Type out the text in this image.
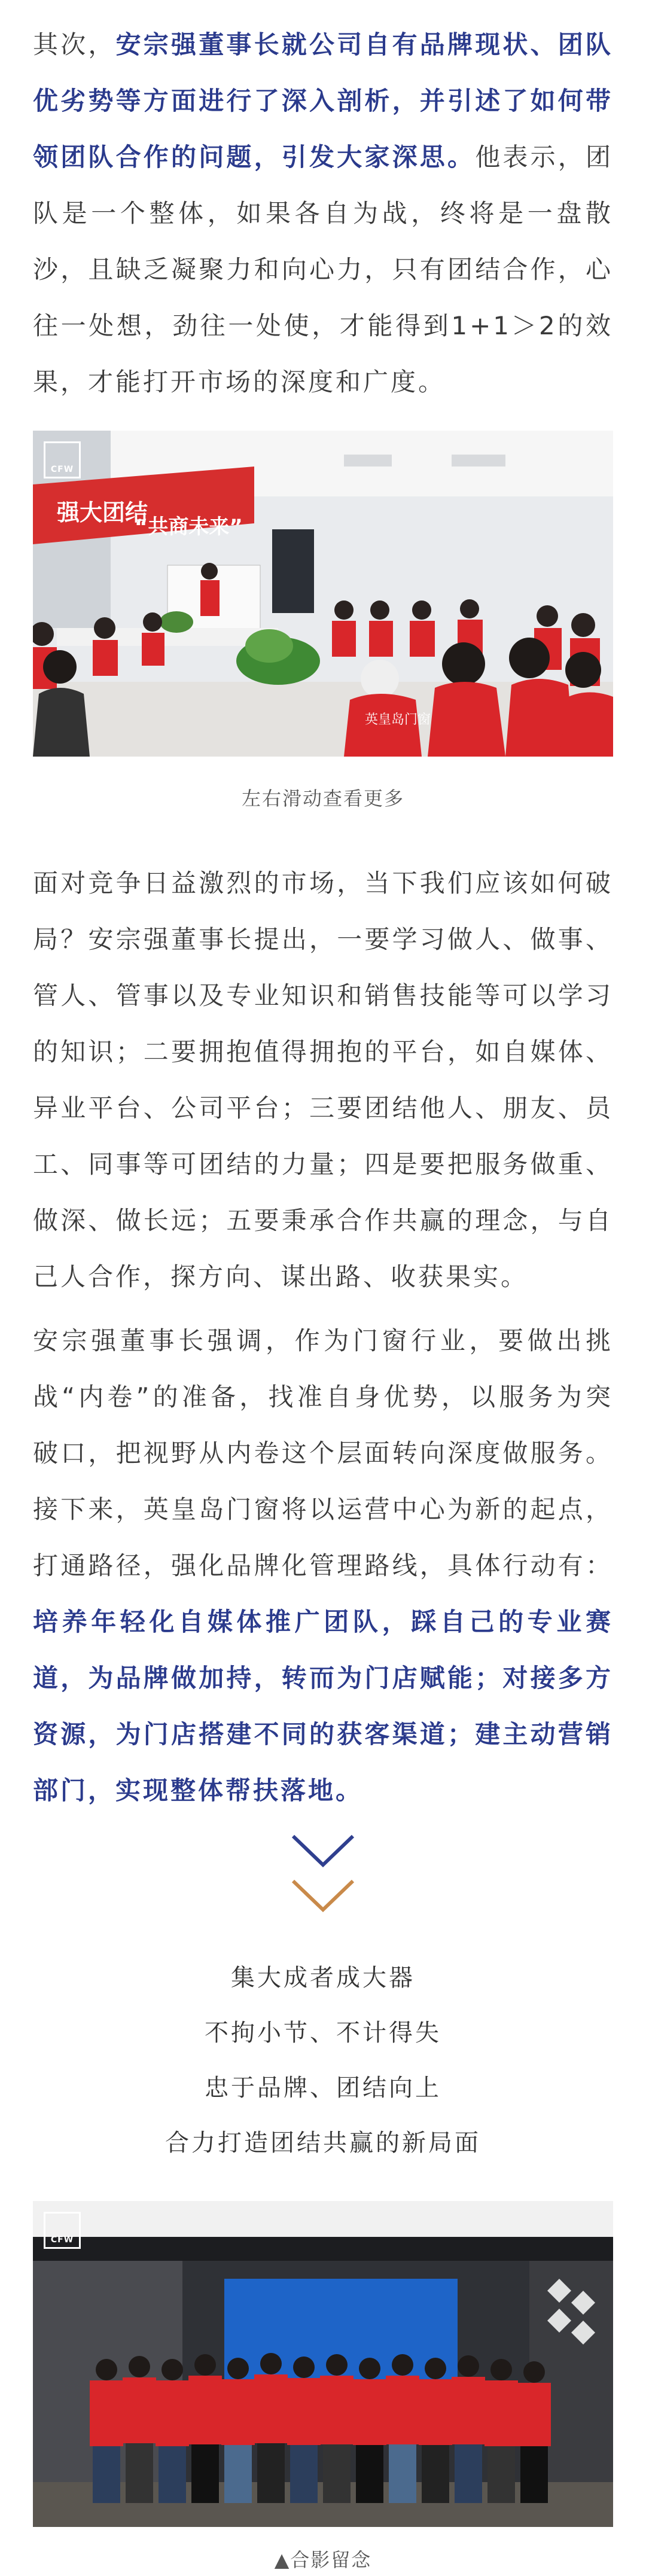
其次，安宗强董事长就公司自有品牌现状、团队优劣势等方面进行了深入剖析，并引述了如何带领团队合作的问题，引发大家深思。他表示，团队是一个整体，如果各自为战，终将是一盘散沙，且缺乏凝聚力和向心力，只有团结合作，心往一处想，劲往一处使，才能得到1+1＞2的效果，才能打开市场的深度和广度。

强大团结
“共商未来”
英皇岛门窗
CFW
左右滑动查看更多

面对竞争日益激烈的市场，当下我们应该如何破局？安宗强董事长提出，一要学习做人、做事、管人、管事以及专业知识和销售技能等可以学习的知识；二要拥抱值得拥抱的平台，如自媒体、异业平台、公司平台；三要团结他人、朋友、员工、同事等可团结的力量；四是要把服务做重、做深、做长远；五要秉承合作共赢的理念，与自己人合作，探方向、谋出路、收获果实。

安宗强董事长强调，作为门窗行业，要做出挑战“内卷”的准备，找准自身优势，以服务为突破口，把视野从内卷这个层面转向深度做服务。接下来，英皇岛门窗将以运营中心为新的起点，打通路径，强化品牌化管理路线，具体行动有：培养年轻化自媒体推广团队，踩自己的专业赛道，为品牌做加持，转而为门店赋能；对接多方资源，为门店搭建不同的获客渠道；建主动营销部门，实现整体帮扶落地。

集大成者成大器
不拘小节、不计得失
忠于品牌、团结向上
合力打造团结共赢的新局面
CFW
▲合影留念
